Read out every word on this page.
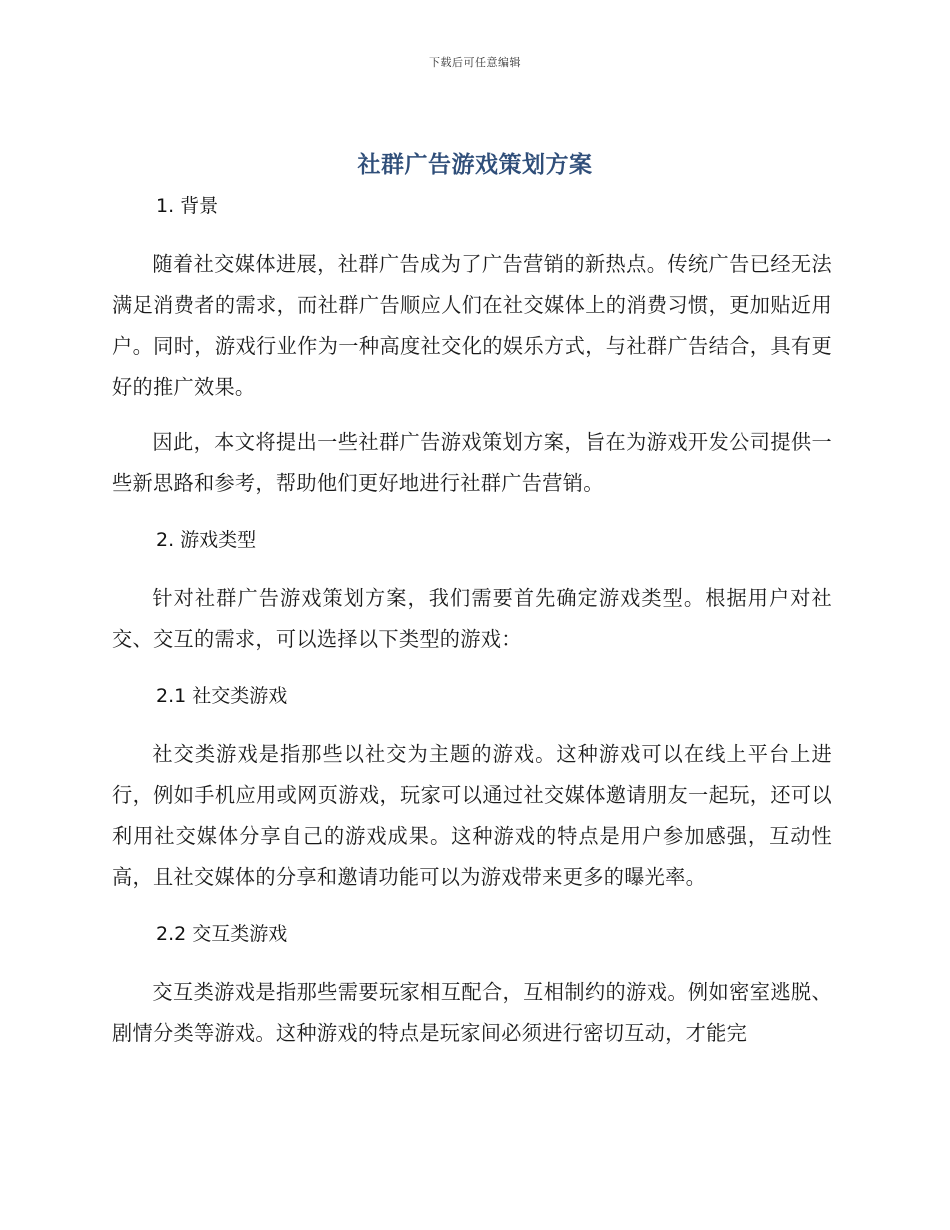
下载后可任意编辑
社群广告游戏策划方案
1. 背景

随着社交媒体进展，社群广告成为了广告营销的新热点。传统广告已经无法满足消费者的需求，而社群广告顺应人们在社交媒体上的消费习惯，更加贴近用户。同时，游戏行业作为一种高度社交化的娱乐方式，与社群广告结合，具有更好的推广效果。

因此，本文将提出一些社群广告游戏策划方案，旨在为游戏开发公司提供一些新思路和参考，帮助他们更好地进行社群广告营销。

2. 游戏类型

针对社群广告游戏策划方案，我们需要首先确定游戏类型。根据用户对社交、交互的需求，可以选择以下类型的游戏：

2.1 社交类游戏

社交类游戏是指那些以社交为主题的游戏。这种游戏可以在线上平台上进行，例如手机应用或网页游戏，玩家可以通过社交媒体邀请朋友一起玩，还可以利用社交媒体分享自己的游戏成果。这种游戏的特点是用户参加感强，互动性高，且社交媒体的分享和邀请功能可以为游戏带来更多的曝光率。

2.2 交互类游戏

交互类游戏是指那些需要玩家相互配合，互相制约的游戏。例如密室逃脱、剧情分类等游戏。这种游戏的特点是玩家间必须进行密切互动，才能完
